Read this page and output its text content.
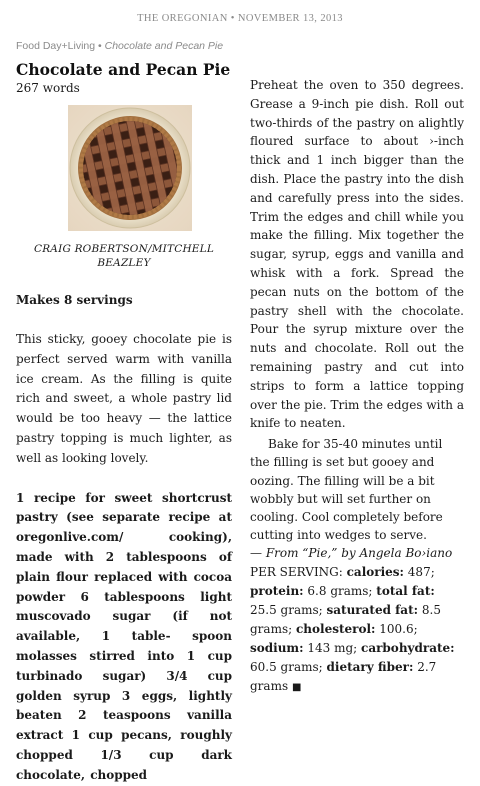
THE OREGONIAN • NOVEMBER 13, 2013
Food Day+Living • Chocolate and Pecan Pie
Chocolate and Pecan Pie
267 words
CRAIG ROBERTSON/MITCHELL BEAZLEY
Makes 8 servings

This sticky, gooey chocolate pie is perfect served warm with vanilla ice cream. As the filling is quite rich and sweet, a whole pastry lid would be too heavy — the lattice pastry topping is much lighter, as well as looking lovely.

1 recipe for sweet shortcrust pastry (see separate recipe at oregonlive.com/ cooking), made with 2 tablespoons of plain flour replaced with cocoa powder 6 tablespoons light muscovado sugar (if not available, 1 table- spoon molasses stirred into 1 cup turbinado sugar) 3/4 cup golden syrup 3 eggs, lightly beaten 2 teaspoons vanilla extract 1 cup pecans, roughly chopped 1/3 cup dark chocolate, chopped

Preheat the oven to 350 degrees. Grease a 9-inch pie dish. Roll out two-thirds of the pastry on alightly floured surface to about ›-inch thick and 1 inch bigger than the dish. Place the pastry into the dish and carefully press into the sides. Trim the edges and chill while you make the filling. Mix together the sugar, syrup, eggs and vanilla and whisk with a fork. Spread the pecan nuts on the bottom of the pastry shell with the chocolate. Pour the syrup mixture over the nuts and chocolate. Roll out the remaining pastry and cut into strips to form a lattice topping over the pie. Trim the edges with a knife to neaten.

Bake for 35-40 minutes until the filling is set but gooey and oozing. The filling will be a bit wobbly but will set further on cooling. Cool completely before cutting into wedges to serve.

— From “Pie,” by Angela Bo›iano

PER SERVING: calories: 487; protein: 6.8 grams; total fat: 25.5 grams; saturated fat: 8.5 grams; cholesterol: 100.6; sodium: 143 mg; carbohydrate: 60.5 grams; dietary fiber: 2.7 grams ■
